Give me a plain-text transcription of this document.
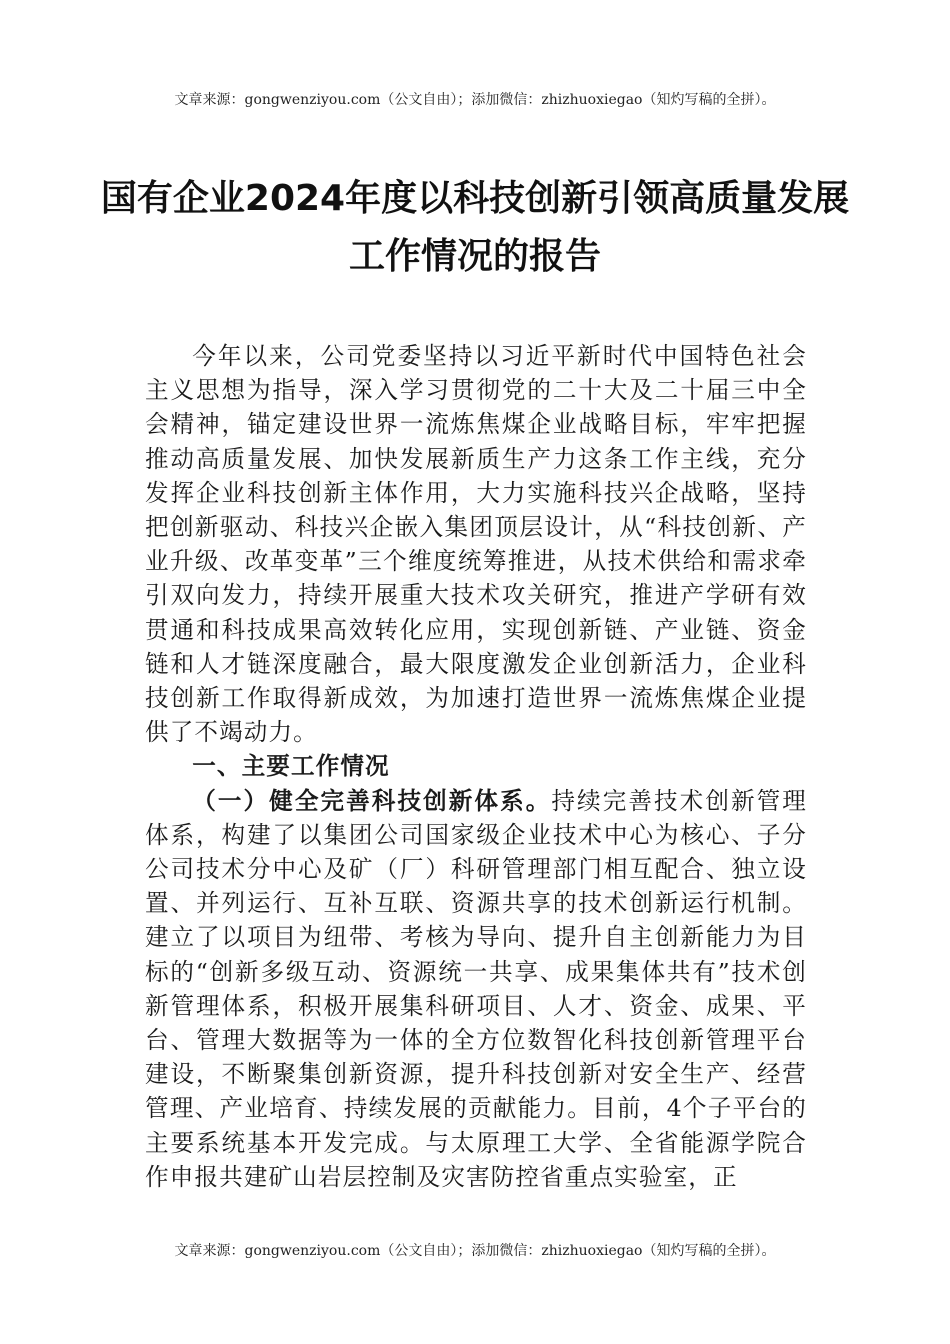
文章来源：gongwenziyou.com（公文自由）；添加微信：zhizhuoxiegao（知灼写稿的全拼）。
国有企业2024年度以科技创新引领高质量发展工作情况的报告

今年以来，公司党委坚持以习近平新时代中国特色社会主义思想为指导，深入学习贯彻党的二十大及二十届三中全会精神，锚定建设世界一流炼焦煤企业战略目标，牢牢把握推动高质量发展、加快发展新质生产力这条工作主线，充分发挥企业科技创新主体作用，大力实施科技兴企战略，坚持把创新驱动、科技兴企嵌入集团顶层设计，从“科技创新、产业升级、改革变革”三个维度统筹推进，从技术供给和需求牵引双向发力，持续开展重大技术攻关研究，推进产学研有效贯通和科技成果高效转化应用，实现创新链、产业链、资金链和人才链深度融合，最大限度激发企业创新活力，企业科技创新工作取得新成效，为加速打造世界一流炼焦煤企业提供了不竭动力。

一、主要工作情况

（一）健全完善科技创新体系。持续完善技术创新管理体系，构建了以集团公司国家级企业技术中心为核心、子分公司技术分中心及矿（厂）科研管理部门相互配合、独立设置、并列运行、互补互联、资源共享的技术创新运行机制。建立了以项目为纽带、考核为导向、提升自主创新能力为目标的“创新多级互动、资源统一共享、成果集体共有”技术创新管理体系，积极开展集科研项目、人才、资金、成果、平台、管理大数据等为一体的全方位数智化科技创新管理平台建设，不断聚集创新资源，提升科技创新对安全生产、经营管理、产业培育、持续发展的贡献能力。目前，4个子平台的主要系统基本开发完成。与太原理工大学、全省能源学院合作申报共建矿山岩层控制及灾害防控省重点实验室，正

文章来源：gongwenziyou.com（公文自由）；添加微信：zhizhuoxiegao（知灼写稿的全拼）。
